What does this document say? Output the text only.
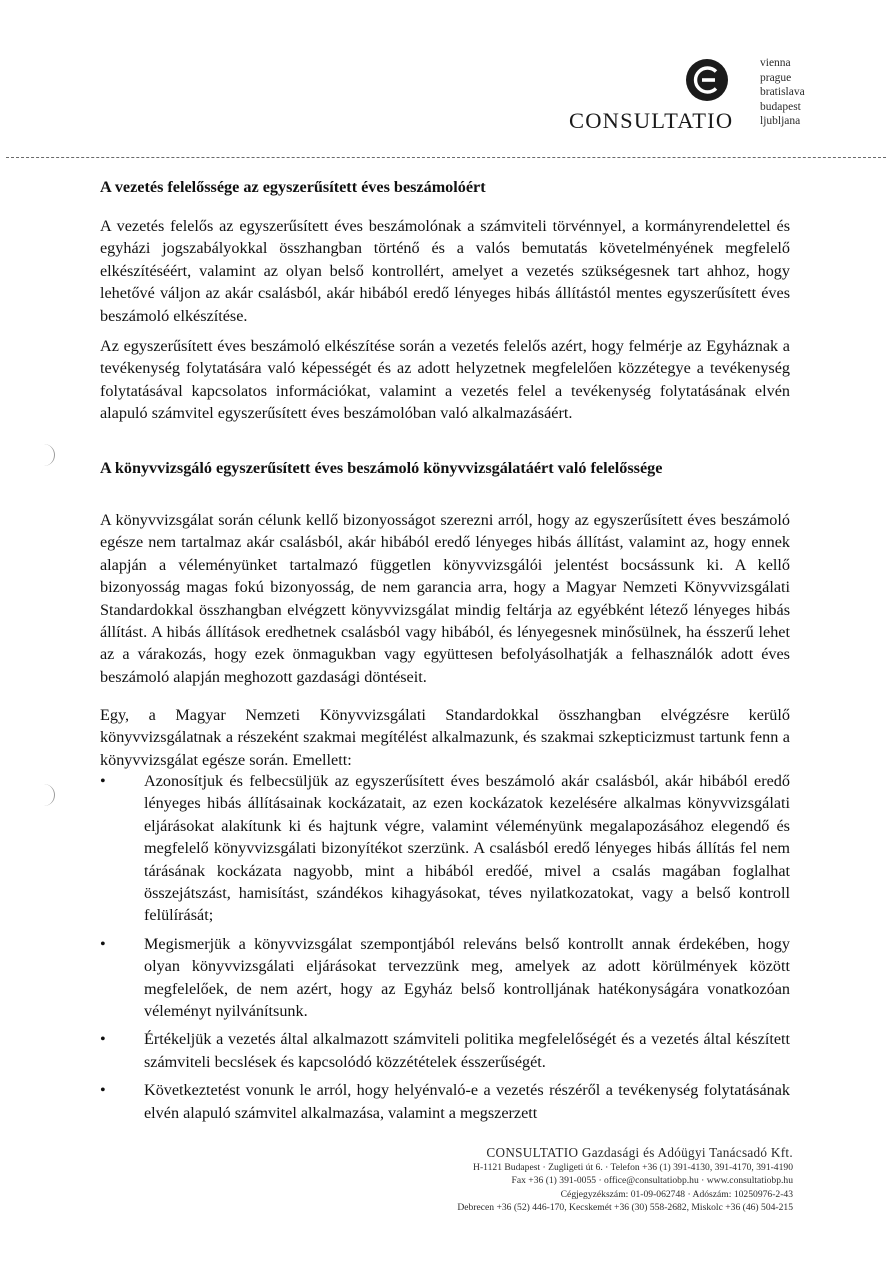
CONSULTATIO
vienna
prague
bratislava
budapest
ljubljana
A vezetés felelőssége az egyszerűsített éves beszámolóért

A vezetés felelős az egyszerűsített éves beszámolónak a számviteli törvénnyel, a kormányrendelettel és egyházi jogszabályokkal összhangban történő és a valós bemutatás követelményének megfelelő elkészítéséért, valamint az olyan belső kontrollért, amelyet a vezetés szükségesnek tart ahhoz, hogy lehetővé váljon az akár csalásból, akár hibából eredő lényeges hibás állítástól mentes egyszerűsített éves beszámoló elkészítése.

Az egyszerűsített éves beszámoló elkészítése során a vezetés felelős azért, hogy felmérje az Egyháznak a tevékenység folytatására való képességét és az adott helyzetnek megfelelően közzétegye a tevékenység folytatásával kapcsolatos információkat, valamint a vezetés felel a tevékenység folytatásának elvén alapuló számvitel egyszerűsített éves beszámolóban való alkalmazásáért.

A könyvvizsgáló egyszerűsített éves beszámoló könyvvizsgálatáért való felelőssége

A könyvvizsgálat során célunk kellő bizonyosságot szerezni arról, hogy az egyszerűsített éves beszámoló egésze nem tartalmaz akár csalásból, akár hibából eredő lényeges hibás állítást, valamint az, hogy ennek alapján a véleményünket tartalmazó független könyvvizsgálói jelentést bocsássunk ki. A kellő bizonyosság magas fokú bizonyosság, de nem garancia arra, hogy a Magyar Nemzeti Könyvvizsgálati Standardokkal összhangban elvégzett könyvvizsgálat mindig feltárja az egyébként létező lényeges hibás állítást. A hibás állítások eredhetnek csalásból vagy hibából, és lényegesnek minősülnek, ha ésszerű lehet az a várakozás, hogy ezek önmagukban vagy együttesen befolyásolhatják a felhasználók adott éves beszámoló alapján meghozott gazdasági döntéseit.

Egy, a Magyar Nemzeti Könyvvizsgálati Standardokkal összhangban elvégzésre kerülő könyvvizsgálatnak a részeként szakmai megítélést alkalmazunk, és szakmai szkepticizmust tartunk fenn a könyvvizsgálat egésze során. Emellett:

• Azonosítjuk és felbecsüljük az egyszerűsített éves beszámoló akár csalásból, akár hibából eredő lényeges hibás állításainak kockázatait, az ezen kockázatok kezelésére alkalmas könyvvizsgálati eljárásokat alakítunk ki és hajtunk végre, valamint véleményünk megalapozásához elegendő és megfelelő könyvvizsgálati bizonyítékot szerzünk. A csalásból eredő lényeges hibás állítás fel nem tárásának kockázata nagyobb, mint a hibából eredőé, mivel a csalás magában foglalhat összejátszást, hamisítást, szándékos kihagyásokat, téves nyilatkozatokat, vagy a belső kontroll felülírását;
• Megismerjük a könyvvizsgálat szempontjából releváns belső kontrollt annak érdekében, hogy olyan könyvvizsgálati eljárásokat tervezzünk meg, amelyek az adott körülmények között megfelelőek, de nem azért, hogy az Egyház belső kontrolljának hatékonyságára vonatkozóan véleményt nyilvánítsunk.
• Értékeljük a vezetés által alkalmazott számviteli politika megfelelőségét és a vezetés által készített számviteli becslések és kapcsolódó közzétételek ésszerűségét.
• Következtetést vonunk le arról, hogy helyénvaló-e a vezetés részéről a tevékenység folytatásának elvén alapuló számvitel alkalmazása, valamint a megszerzett
CONSULTATIO Gazdasági és Adóügyi Tanácsadó Kft.
H-1121 Budapest · Zugligeti út 6. · Telefon +36 (1) 391-4130, 391-4170, 391-4190
Fax +36 (1) 391-0055 · office@consultatiobp.hu · www.consultatiobp.hu
Cégjegyzékszám: 01-09-062748 · Adószám: 10250976-2-43
Debrecen +36 (52) 446-170, Kecskemét +36 (30) 558-2682, Miskolc +36 (46) 504-215
